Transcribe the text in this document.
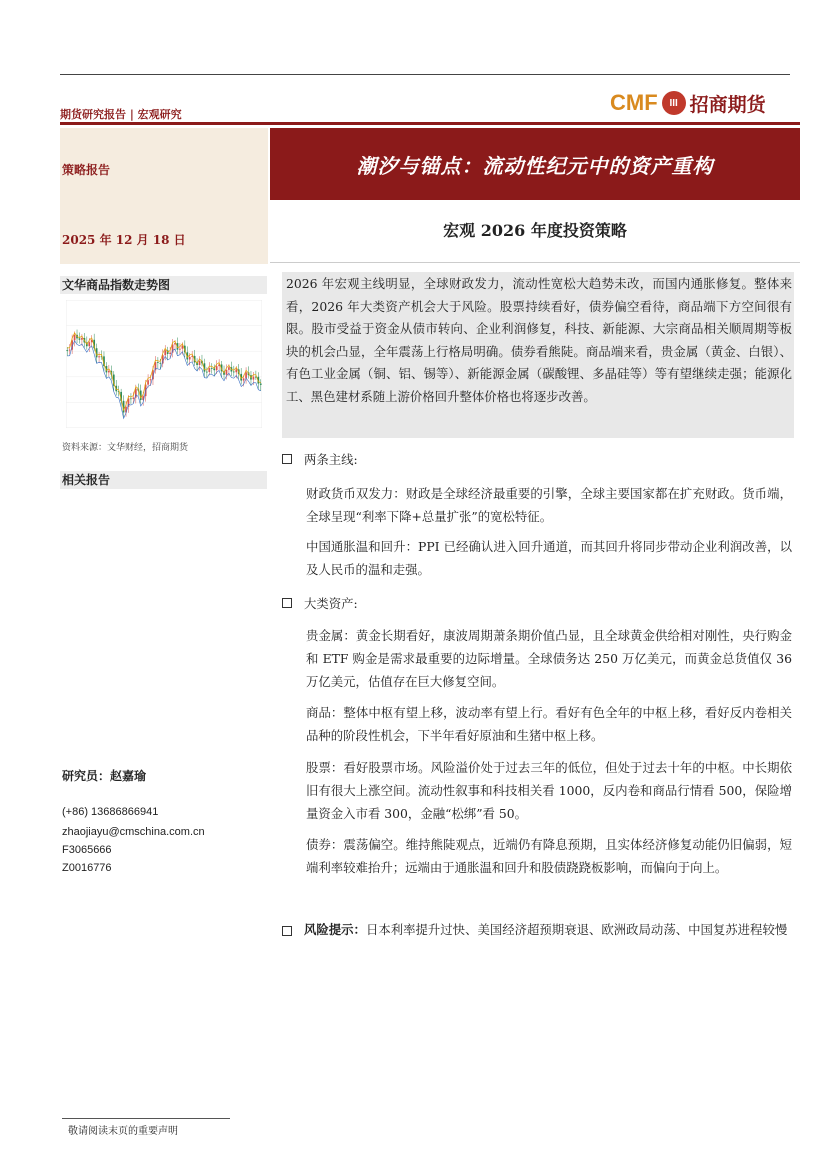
期货研究报告 | 宏观研究	CMF	III 招商期货
潮汐与锚点：流动性纪元中的资产重构
策略报告
2025 年 12 月 18 日	宏观 2026 年度投资策略
文华商品指数走势图
资料来源：文华财经，招商期货
相关报告
研究员：赵嘉瑜
(+86) 13686866941
zhaojiayu@cmschina.com.cn
F3065666
Z0016776
2026 年宏观主线明显，全球财政发力，流动性宽松大趋势未改，而国内通胀修复。整体来看，2026 年大类资产机会大于风险。股票持续看好，债券偏空看待，商品端下方空间很有限。股市受益于资金从债市转向、企业利润修复，科技、新能源、大宗商品相关顺周期等板块的机会凸显，全年震荡上行格局明确。债券看熊陡。商品端来看，贵金属（黄金、白银）、有色工业金属（铜、铝、锡等）、新能源金属（碳酸锂、多晶硅等）等有望继续走强；能源化工、黑色建材系随上游价格回升整体价格也将逐步改善。
两条主线:
财政货币双发力：财政是全球经济最重要的引擎，全球主要国家都在扩充财政。货币端，全球呈现“利率下降+总量扩张”的宽松特征。
中国通胀温和回升：PPI 已经确认进入回升通道，而其回升将同步带动企业利润改善，以及人民币的温和走强。
大类资产:
贵金属：黄金长期看好，康波周期萧条期价值凸显，且全球黄金供给相对刚性，央行购金和 ETF 购金是需求最重要的边际增量。全球债务达 250 万亿美元，而黄金总货值仅 36 万亿美元，估值存在巨大修复空间。
商品：整体中枢有望上移，波动率有望上行。看好有色全年的中枢上移，看好反内卷相关品种的阶段性机会，下半年看好原油和生猪中枢上移。
股票：看好股票市场。风险溢价处于过去三年的低位，但处于过去十年的中枢。中长期依旧有很大上涨空间。流动性叙事和科技相关看 1000，反内卷和商品行情看 500，保险增量资金入市看 300，金融“松绑”看 50。
债券：震荡偏空。维持熊陡观点，近端仍有降息预期，且实体经济修复动能仍旧偏弱，短端利率较难抬升；远端由于通胀温和回升和股债跷跷板影响，而偏向于向上。
风险提示：日本利率提升过快、美国经济超预期衰退、欧洲政局动荡、中国复苏进程较慢
敬请阅读末页的重要声明
